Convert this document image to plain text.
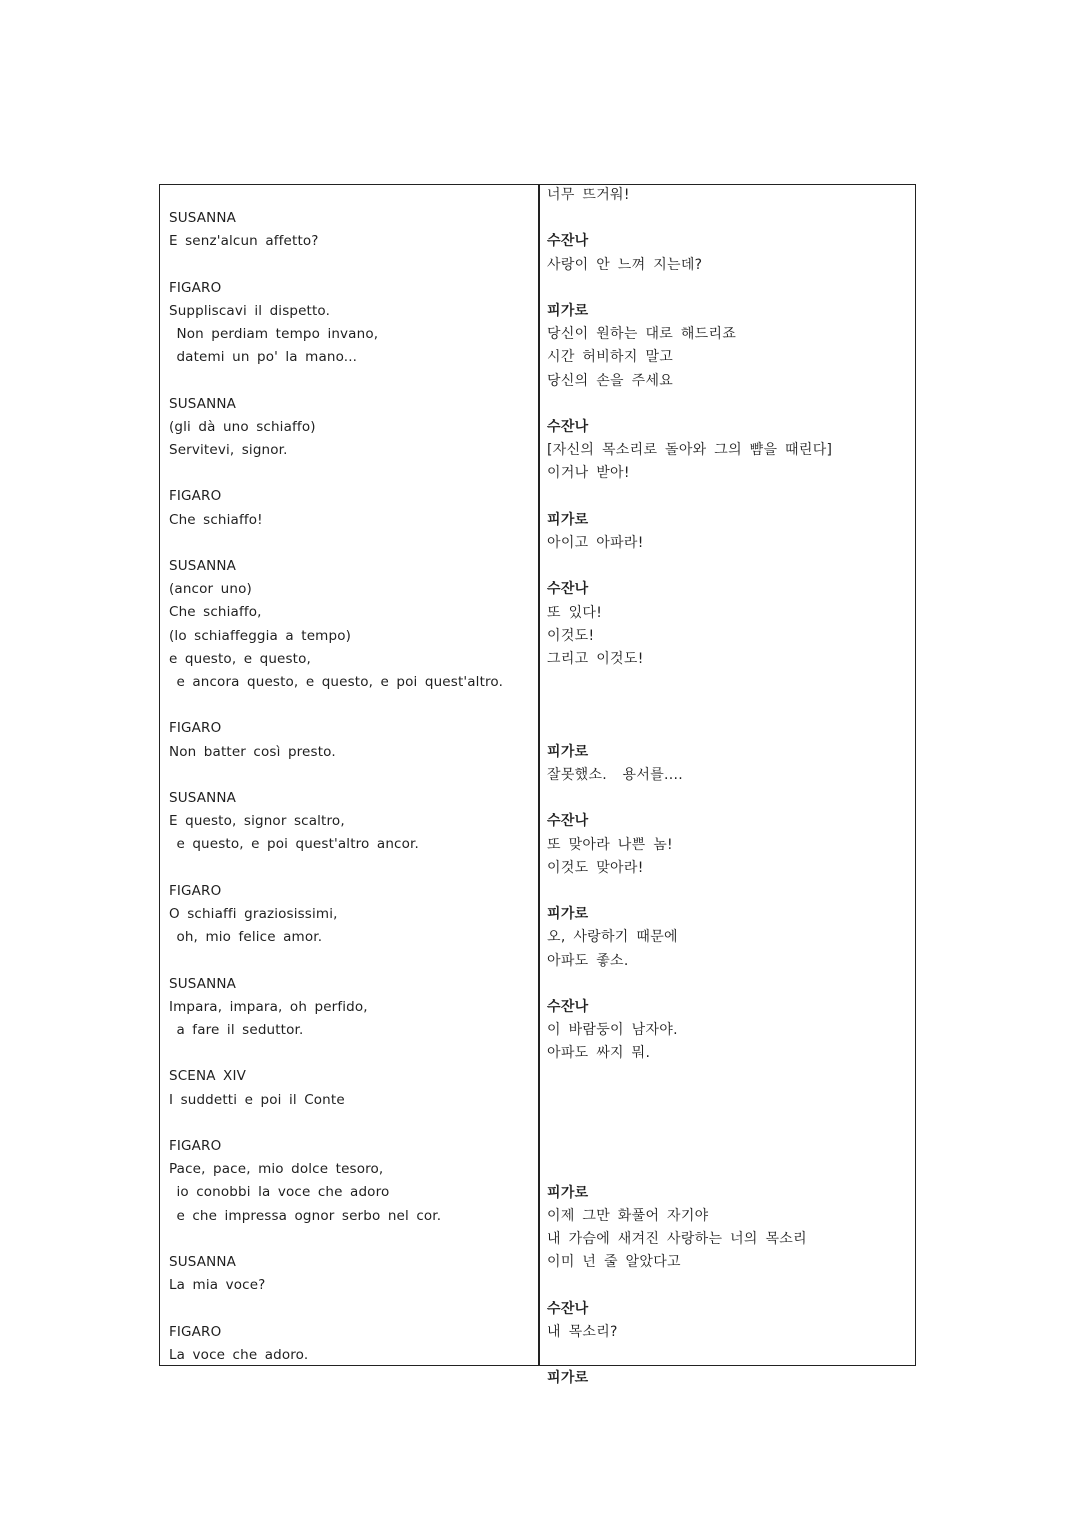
SUSANNA
E senz'alcun affetto?
FIGARO
Suppliscavi il dispetto.
Non perdiam tempo invano,
datemi un po' la mano...
SUSANNA
(gli dà uno schiaffo)
Servitevi, signor.
FIGARO
Che schiaffo!
SUSANNA
(ancor uno)
Che schiaffo,
(lo schiaffeggia a tempo)
e questo, e questo,
e ancora questo, e questo, e poi quest'altro.
FIGARO
Non batter così presto.
SUSANNA
E questo, signor scaltro,
e questo, e poi quest'altro ancor.
FIGARO
O schiaffi graziosissimi,
oh, mio felice amor.
SUSANNA
Impara, impara, oh perfido,
a fare il seduttor.
SCENA XIV
I suddetti e poi il Conte
FIGARO
Pace, pace, mio dolce tesoro,
io conobbi la voce che adoro
e che impressa ognor serbo nel cor.
SUSANNA
La mia voce?
FIGARO
La voce che adoro.
너무 뜨거워!
수잔나
사랑이 안 느껴 지는데?
피가로
당신이 원하는 대로 해드리죠
시간 허비하지 말고
당신의 손을 주세요
수잔나
[자신의 목소리로 돌아와 그의 뺨을 때린다]
이거나 받아!
피가로
아이고 아파라!
수잔나
또 있다!
이것도!
그리고 이것도!
피가로
잘못했소.  용서를....
수잔나
또 맞아라 나쁜 놈!
이것도 맞아라!
피가로
오, 사랑하기 때문에
아파도 좋소.
수잔나
이 바람둥이 남자야.
아파도 싸지 뭐.
피가로
이제 그만 화풀어 자기야
내 가슴에 새겨진 사랑하는 너의 목소리
이미 넌 줄 알았다고
수잔나
내 목소리?
피가로
